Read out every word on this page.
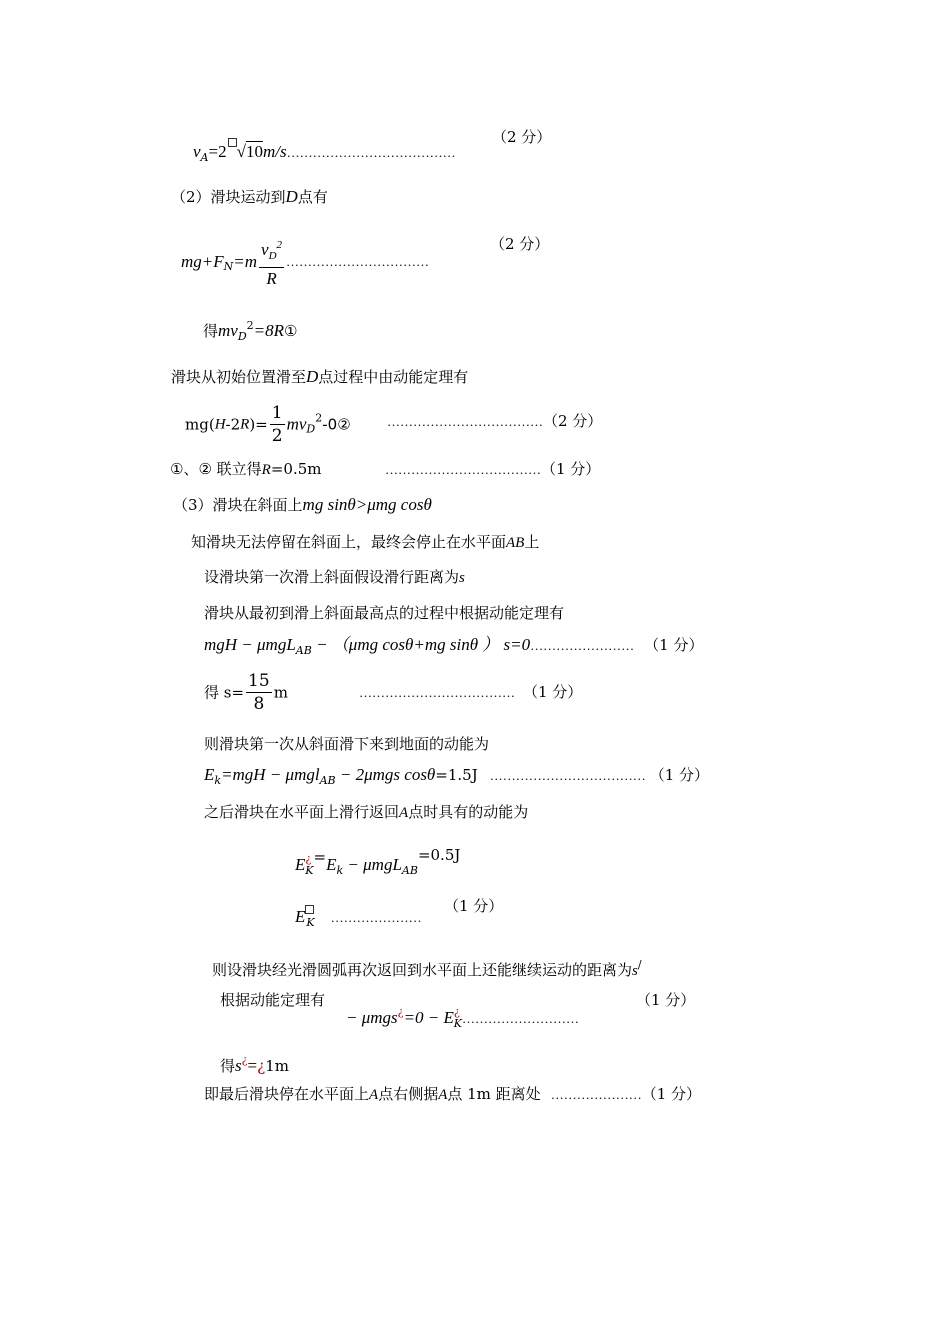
$v_A=2$ √10m/s…………………………………
（2 分）
（2）滑块运动到D点有
$mg+F_N=m \frac{v_D^2}{R}$ ……………………………
（2 分）
得$mv_D^2=8R①$
滑块从初始位置滑至D点过程中由动能定理有
$mg(H-2R)= \frac{1}{2}$ $mv_D^2-0②$	………………………………（2 分）
①、② 联立得R=0.5m	………………………………（1 分）
（3）滑块在斜面上mg sinθ>μmg cosθ
知滑块无法停留在斜面上，最终会停止在水平面AB上
设滑块第一次滑上斜面假设滑行距离为s
滑块从最初到滑上斜面最高点的过程中根据动能定理有
mgH − μmgL$_{AB}$ − （μmg cosθ+mg sinθ ） s=0…………………… （1 分）
得 $s= \frac{15}{8}$ m	……………………………… （1 分）
则滑块第一次从斜面滑下来到地面的动能为
$E_k=mgH - \mu mgl_{AB} - 2\mu mgs$ cosθ=1.5J ……………………………… （1 分）
之后滑块在水平面上滑行返回A点时具有的动能为
$E^¿_K=E_k - \mu mgL_{AB}=0.5J$
$E_K$ …………………
（1 分）
则设滑块经光滑圆弧再次返回到水平面上还能继续运动的距离为s/
根据动能定理有
− $\mu mgs^¿=0 - E^¿_K\dots\dots\dots\dots\dots\dots\dots\dots\dots$
（1 分）
得s¿=¿1m
即最后滑块停在水平面上A点右侧据A点 1m 距离处 …………………（1 分）
